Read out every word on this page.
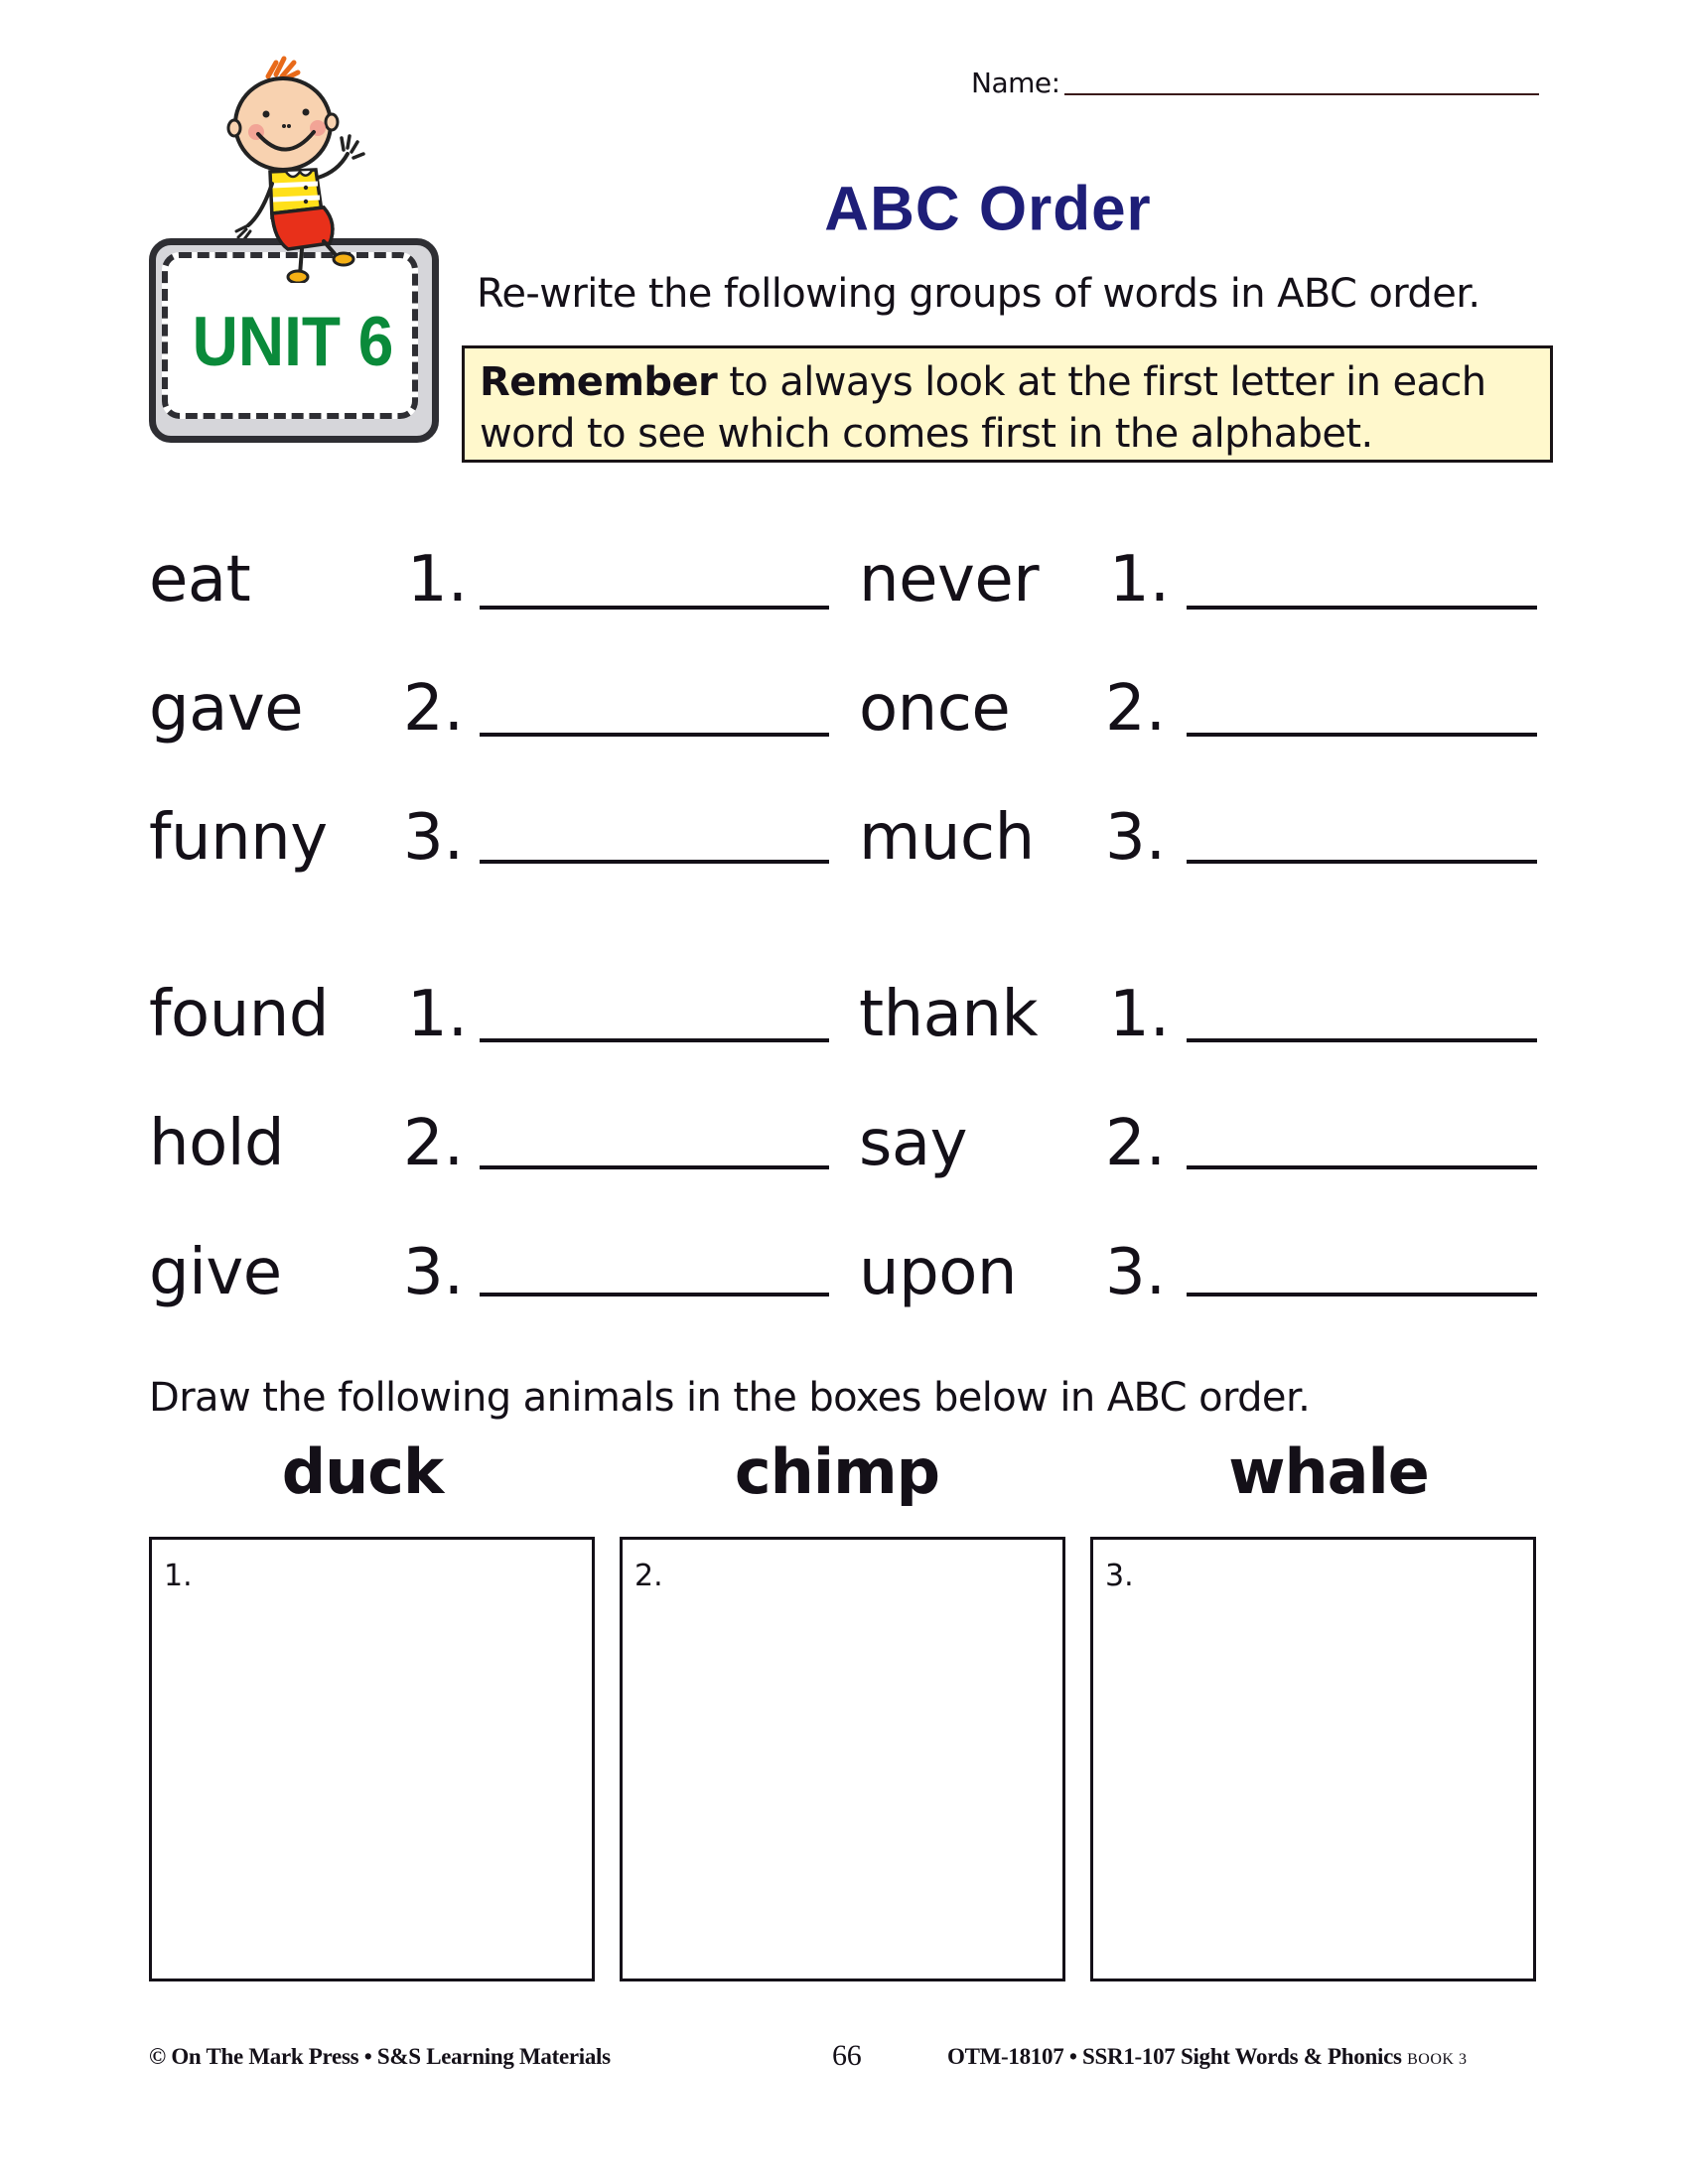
Name:
ABC Order
UNIT 6
Re-write the following groups of words in ABC order.
Remember to always look at the first letter in each
word to see which comes first in the alphabet.
eat 1.	never 1.
gave 2.	once 2.
funny 3.	much 3.
found 1.	thank 1.
hold 2.	say 2.
give 3.	upon 3.
Draw the following animals in the boxes below in ABC order.
duck	chimp	whale
1.	2.	3.
© On The Mark Press • S&S Learning Materials	66	OTM-18107 • SSR1-107 Sight Words & Phonics BOOK 3
